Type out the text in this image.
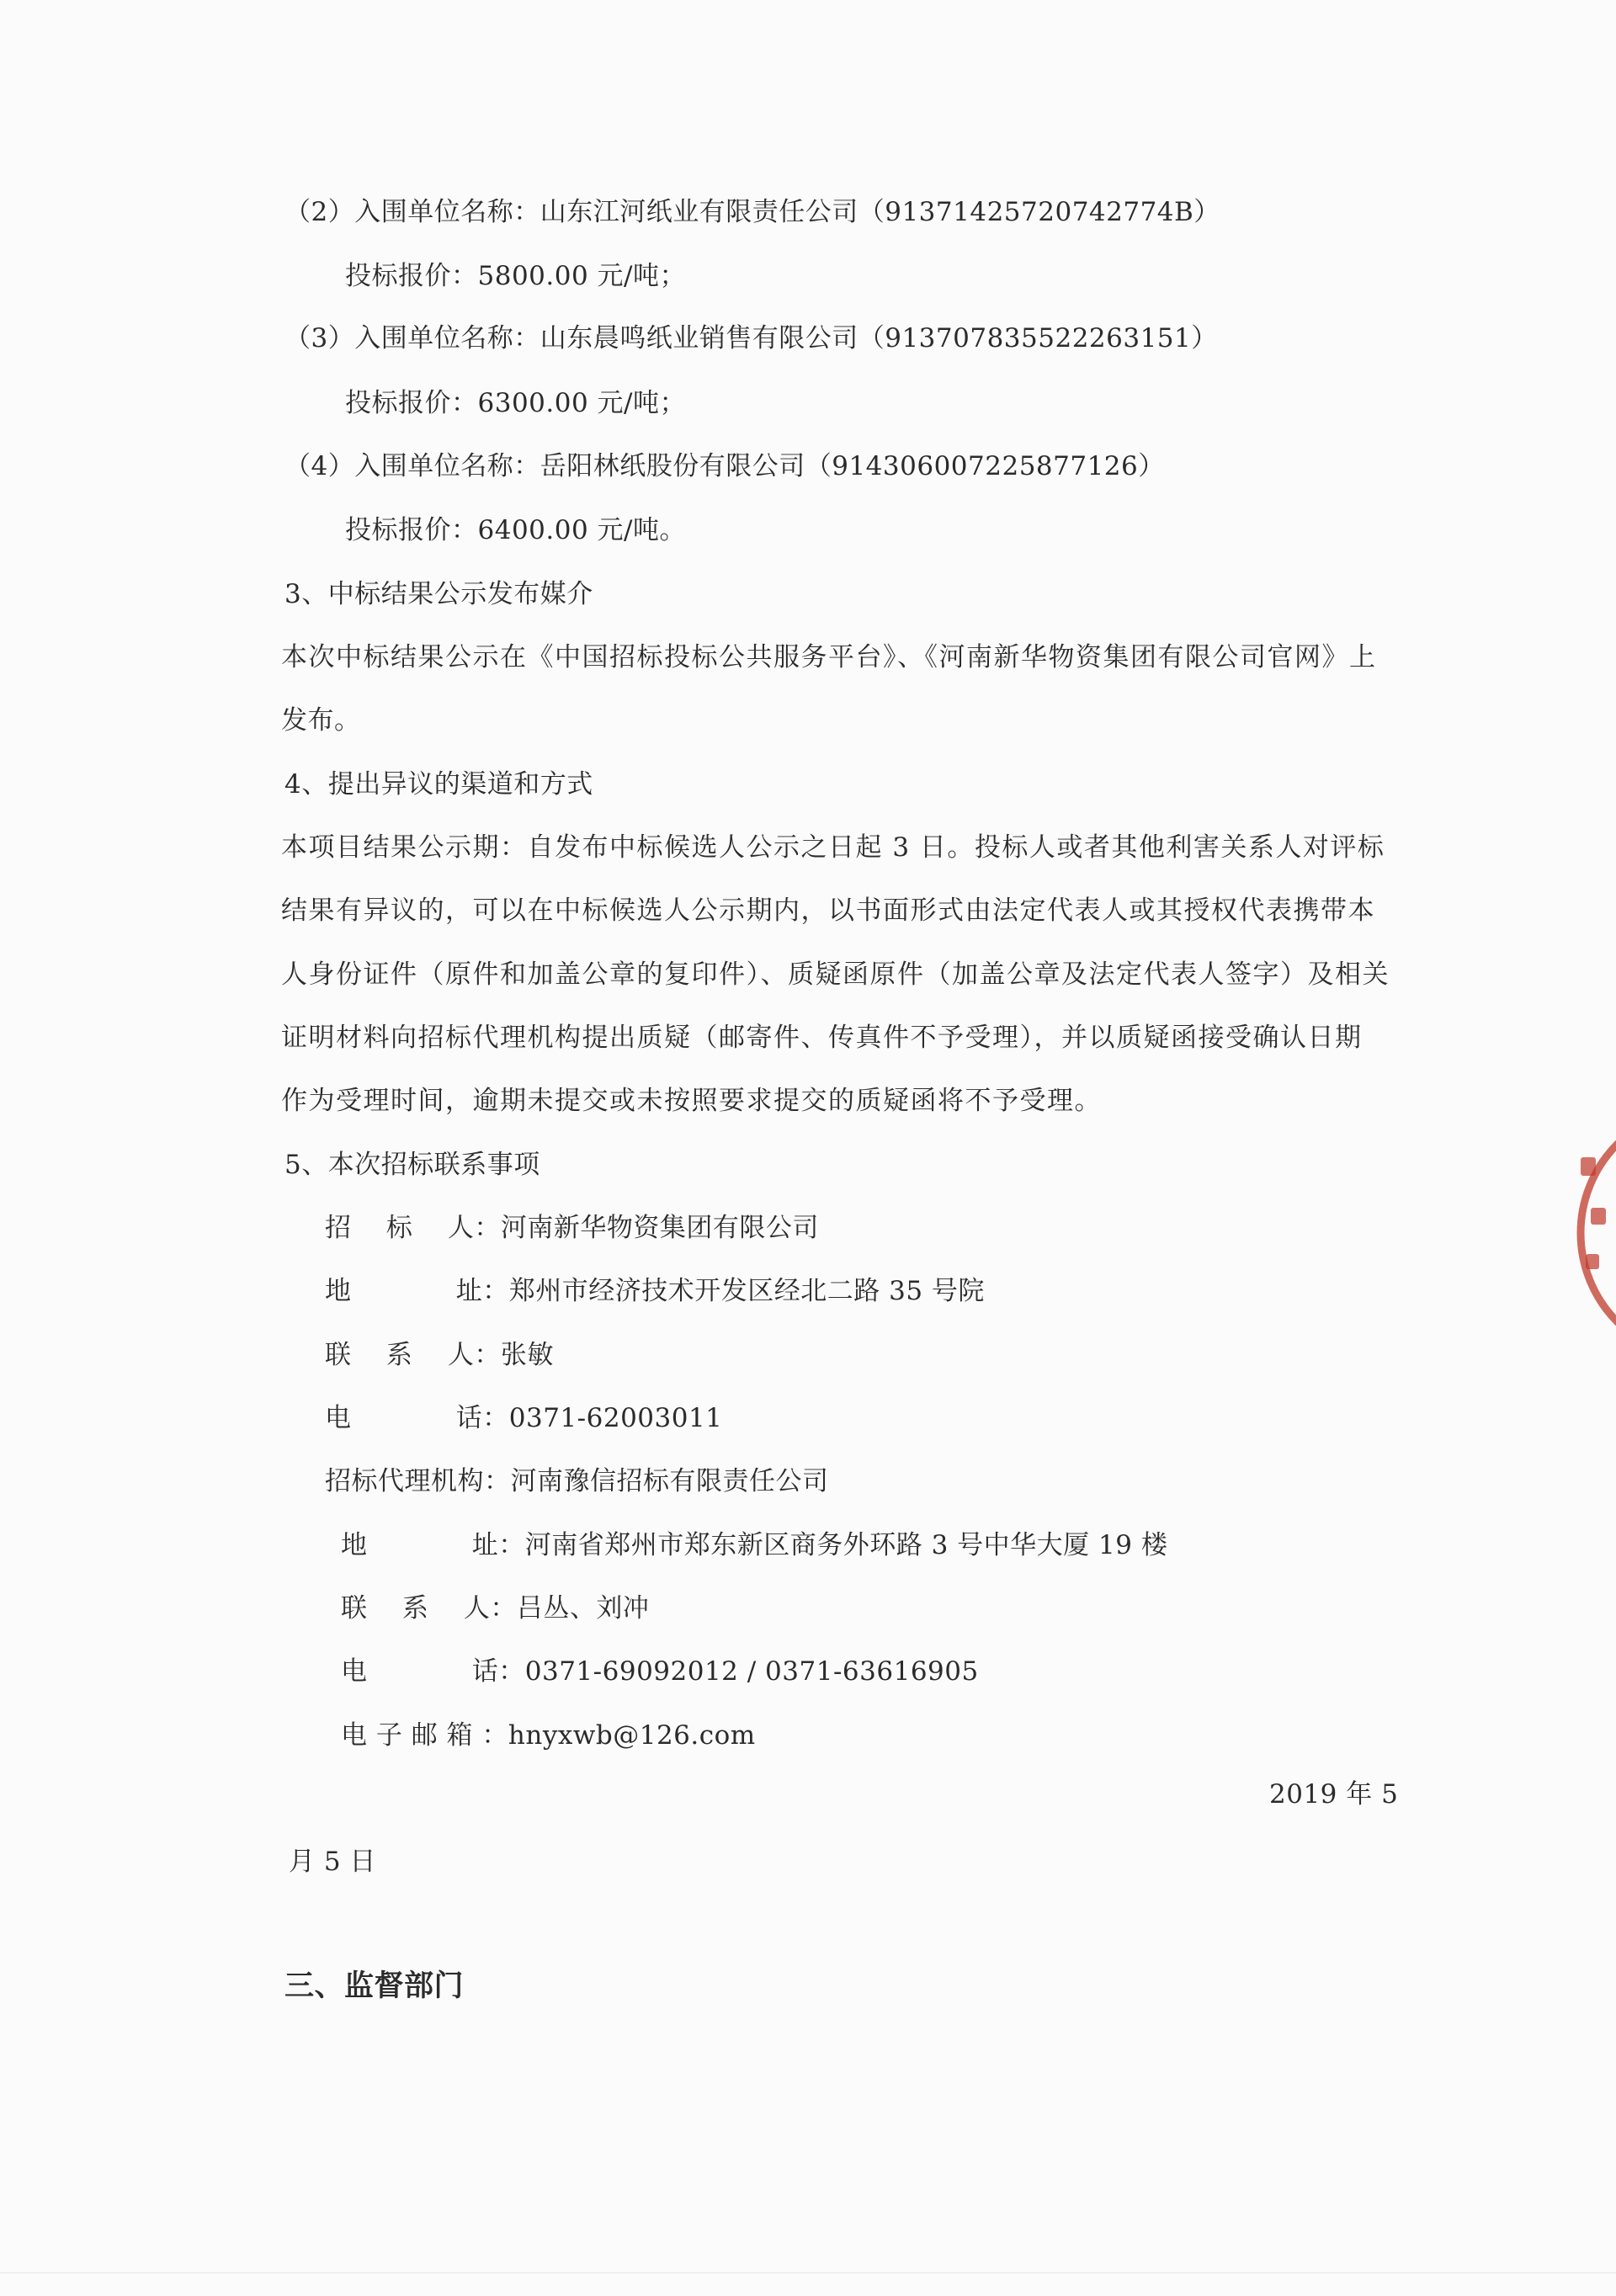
（2）入围单位名称：山东江河纸业有限责任公司（91371425720742774B）
投标报价：5800.00 元/吨；
（3）入围单位名称：山东晨鸣纸业销售有限公司（913707835522263151）
投标报价：6300.00 元/吨；
（4）入围单位名称：岳阳林纸股份有限公司（914306007225877126）
投标报价：6400.00 元/吨。
3、中标结果公示发布媒介
本次中标结果公示在《中国招标投标公共服务平台》、《河南新华物资集团有限公司官网》上
发布。
4、提出异议的渠道和方式
本项目结果公示期：自发布中标候选人公示之日起 3 日。投标人或者其他利害关系人对评标
结果有异议的，可以在中标候选人公示期内，以书面形式由法定代表人或其授权代表携带本
人身份证件（原件和加盖公章的复印件）、质疑函原件（加盖公章及法定代表人签字）及相关
证明材料向招标代理机构提出质疑（邮寄件、传真件不予受理），并以质疑函接受确认日期
作为受理时间，逾期未提交或未按照要求提交的质疑函将不予受理。
5、本次招标联系事项
招    标    人：河南新华物资集团有限公司
地            址：郑州市经济技术开发区经北二路 35 号院
联    系    人：张敏
电            话：0371-62003011
招标代理机构：河南豫信招标有限责任公司
地            址：河南省郑州市郑东新区商务外环路 3 号中华大厦 19 楼
联    系    人：吕丛、刘冲
电            话：0371-69092012 / 0371-63616905
电 子 邮 箱 ：hnyxwb@126.com
2019 年 5
月 5 日
三、监督部门
